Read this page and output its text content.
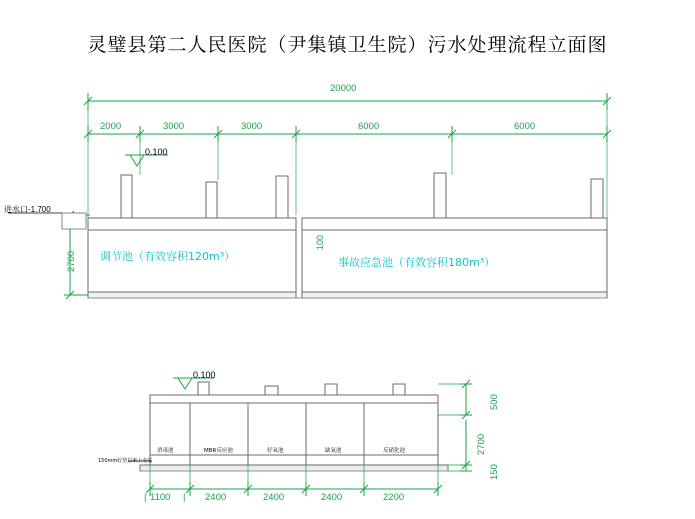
灵璧县第二人民医院（尹集镇卫生院）污水处理流程立面图
20000
2000	3000	3000	6000	6000
0.100
进水口-1.700
2700
100
调节池（有效容积120m³）	事故应急池（有效容积180m³）
0.100
150mm砼垫层素土夯实
消毒池	MBR反应池	好氧池	缺氧池	反硝化池
1100	2400	2400	2400	2200
500
2700
150
|	|
